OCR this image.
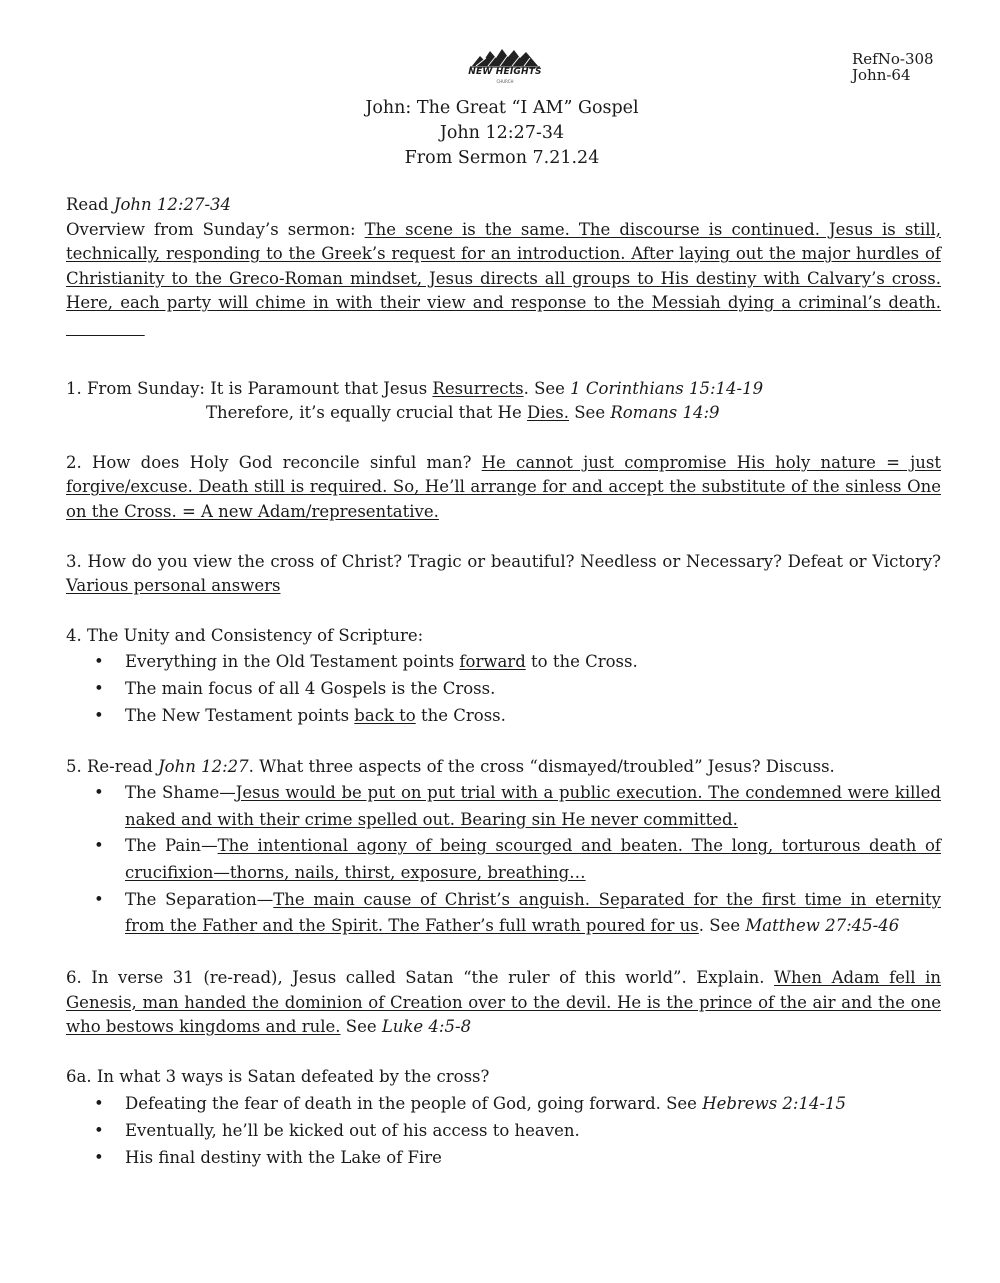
RefNo-308
John-64
NEW HEIGHTS
CHURCH
John: The Great “I AM” Gospel
John 12:27-34
From Sermon 7.21.24

Read John 12:27-34

Overview from Sunday’s sermon: The scene is the same. The discourse is continued. Jesus is still, technically, responding to the Greek’s request for an introduction. After laying out the major hurdles of Christianity to the Greco-Roman mindset, Jesus directs all groups to His destiny with Calvary’s cross. Here, each party will chime in with their view and response to the Messiah dying a criminal’s death.

1. From Sunday: It is Paramount that Jesus Resurrects. See 1 Corinthians 15:14-19

Therefore, it’s equally crucial that He Dies. See Romans 14:9

2. How does Holy God reconcile sinful man? He cannot just compromise His holy nature = just forgive/excuse. Death still is required. So, He’ll arrange for and accept the substitute of the sinless One on the Cross. = A new Adam/representative.

3. How do you view the cross of Christ? Tragic or beautiful? Needless or Necessary? Defeat or Victory? Various personal answers

4. The Unity and Consistency of Scripture:

• Everything in the Old Testament points forward to the Cross.
• The main focus of all 4 Gospels is the Cross.
• The New Testament points back to the Cross.

5. Re-read John 12:27. What three aspects of the cross “dismayed/troubled” Jesus? Discuss.

• The Shame—Jesus would be put on put trial with a public execution. The condemned were killed naked and with their crime spelled out. Bearing sin He never committed.
• The Pain—The intentional agony of being scourged and beaten. The long, torturous death of crucifixion—thorns, nails, thirst, exposure, breathing…
• The Separation—The main cause of Christ’s anguish. Separated for the first time in eternity from the Father and the Spirit. The Father’s full wrath poured for us. See Matthew 27:45-46

6. In verse 31 (re-read), Jesus called Satan “the ruler of this world”. Explain. When Adam fell in Genesis, man handed the dominion of Creation over to the devil. He is the prince of the air and the one who bestows kingdoms and rule. See Luke 4:5-8

6a. In what 3 ways is Satan defeated by the cross?

• Defeating the fear of death in the people of God, going forward. See Hebrews 2:14-15
• Eventually, he’ll be kicked out of his access to heaven.
• His final destiny with the Lake of Fire
